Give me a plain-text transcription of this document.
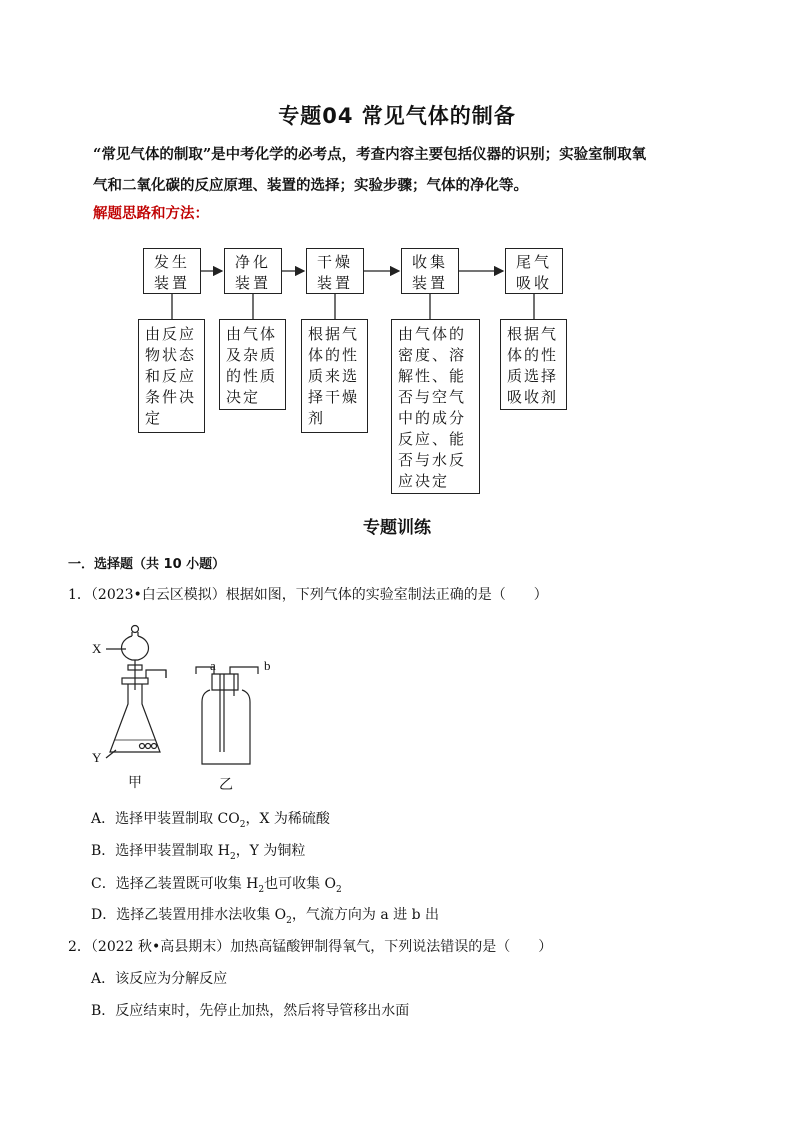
专题04 常见气体的制备
“常见气体的制取”是中考化学的必考点，考查内容主要包括仪器的识别；实验室制取氧
气和二氧化碳的反应原理、装置的选择；实验步骤；气体的净化等。
解题思路和方法：
发生
装置
净化
装置
干燥
装置
收集
装置
尾气
吸收
由反应
物状态
和反应
条件决
定
由气体
及杂质
的性质
决定
根据气
体的性
质来选
择干燥
剂
由气体的
密度、溶
解性、能
否与空气
中的成分
反应、能
否与水反
应决定
根据气
体的性
质选择
吸收剂
专题训练
一．选择题（共 10 小题）
1．（2023•白云区模拟）根据如图，下列气体的实验室制法正确的是（　　）
X
Y
甲
a	b
乙
A．选择甲装置制取 $CO_2$，X 为稀硫酸
B．选择甲装置制取 $H_2$，Y 为铜粒
C．选择乙装置既可收集 $H_2$也可收集 $O_2$
D．选择乙装置用排水法收集 $O_2$，气流方向为 a 进 b 出
2．（2022 秋•高县期末）加热高锰酸钾制得氧气，下列说法错误的是（　　）
A．该反应为分解反应
B．反应结束时，先停止加热，然后将导管移出水面
